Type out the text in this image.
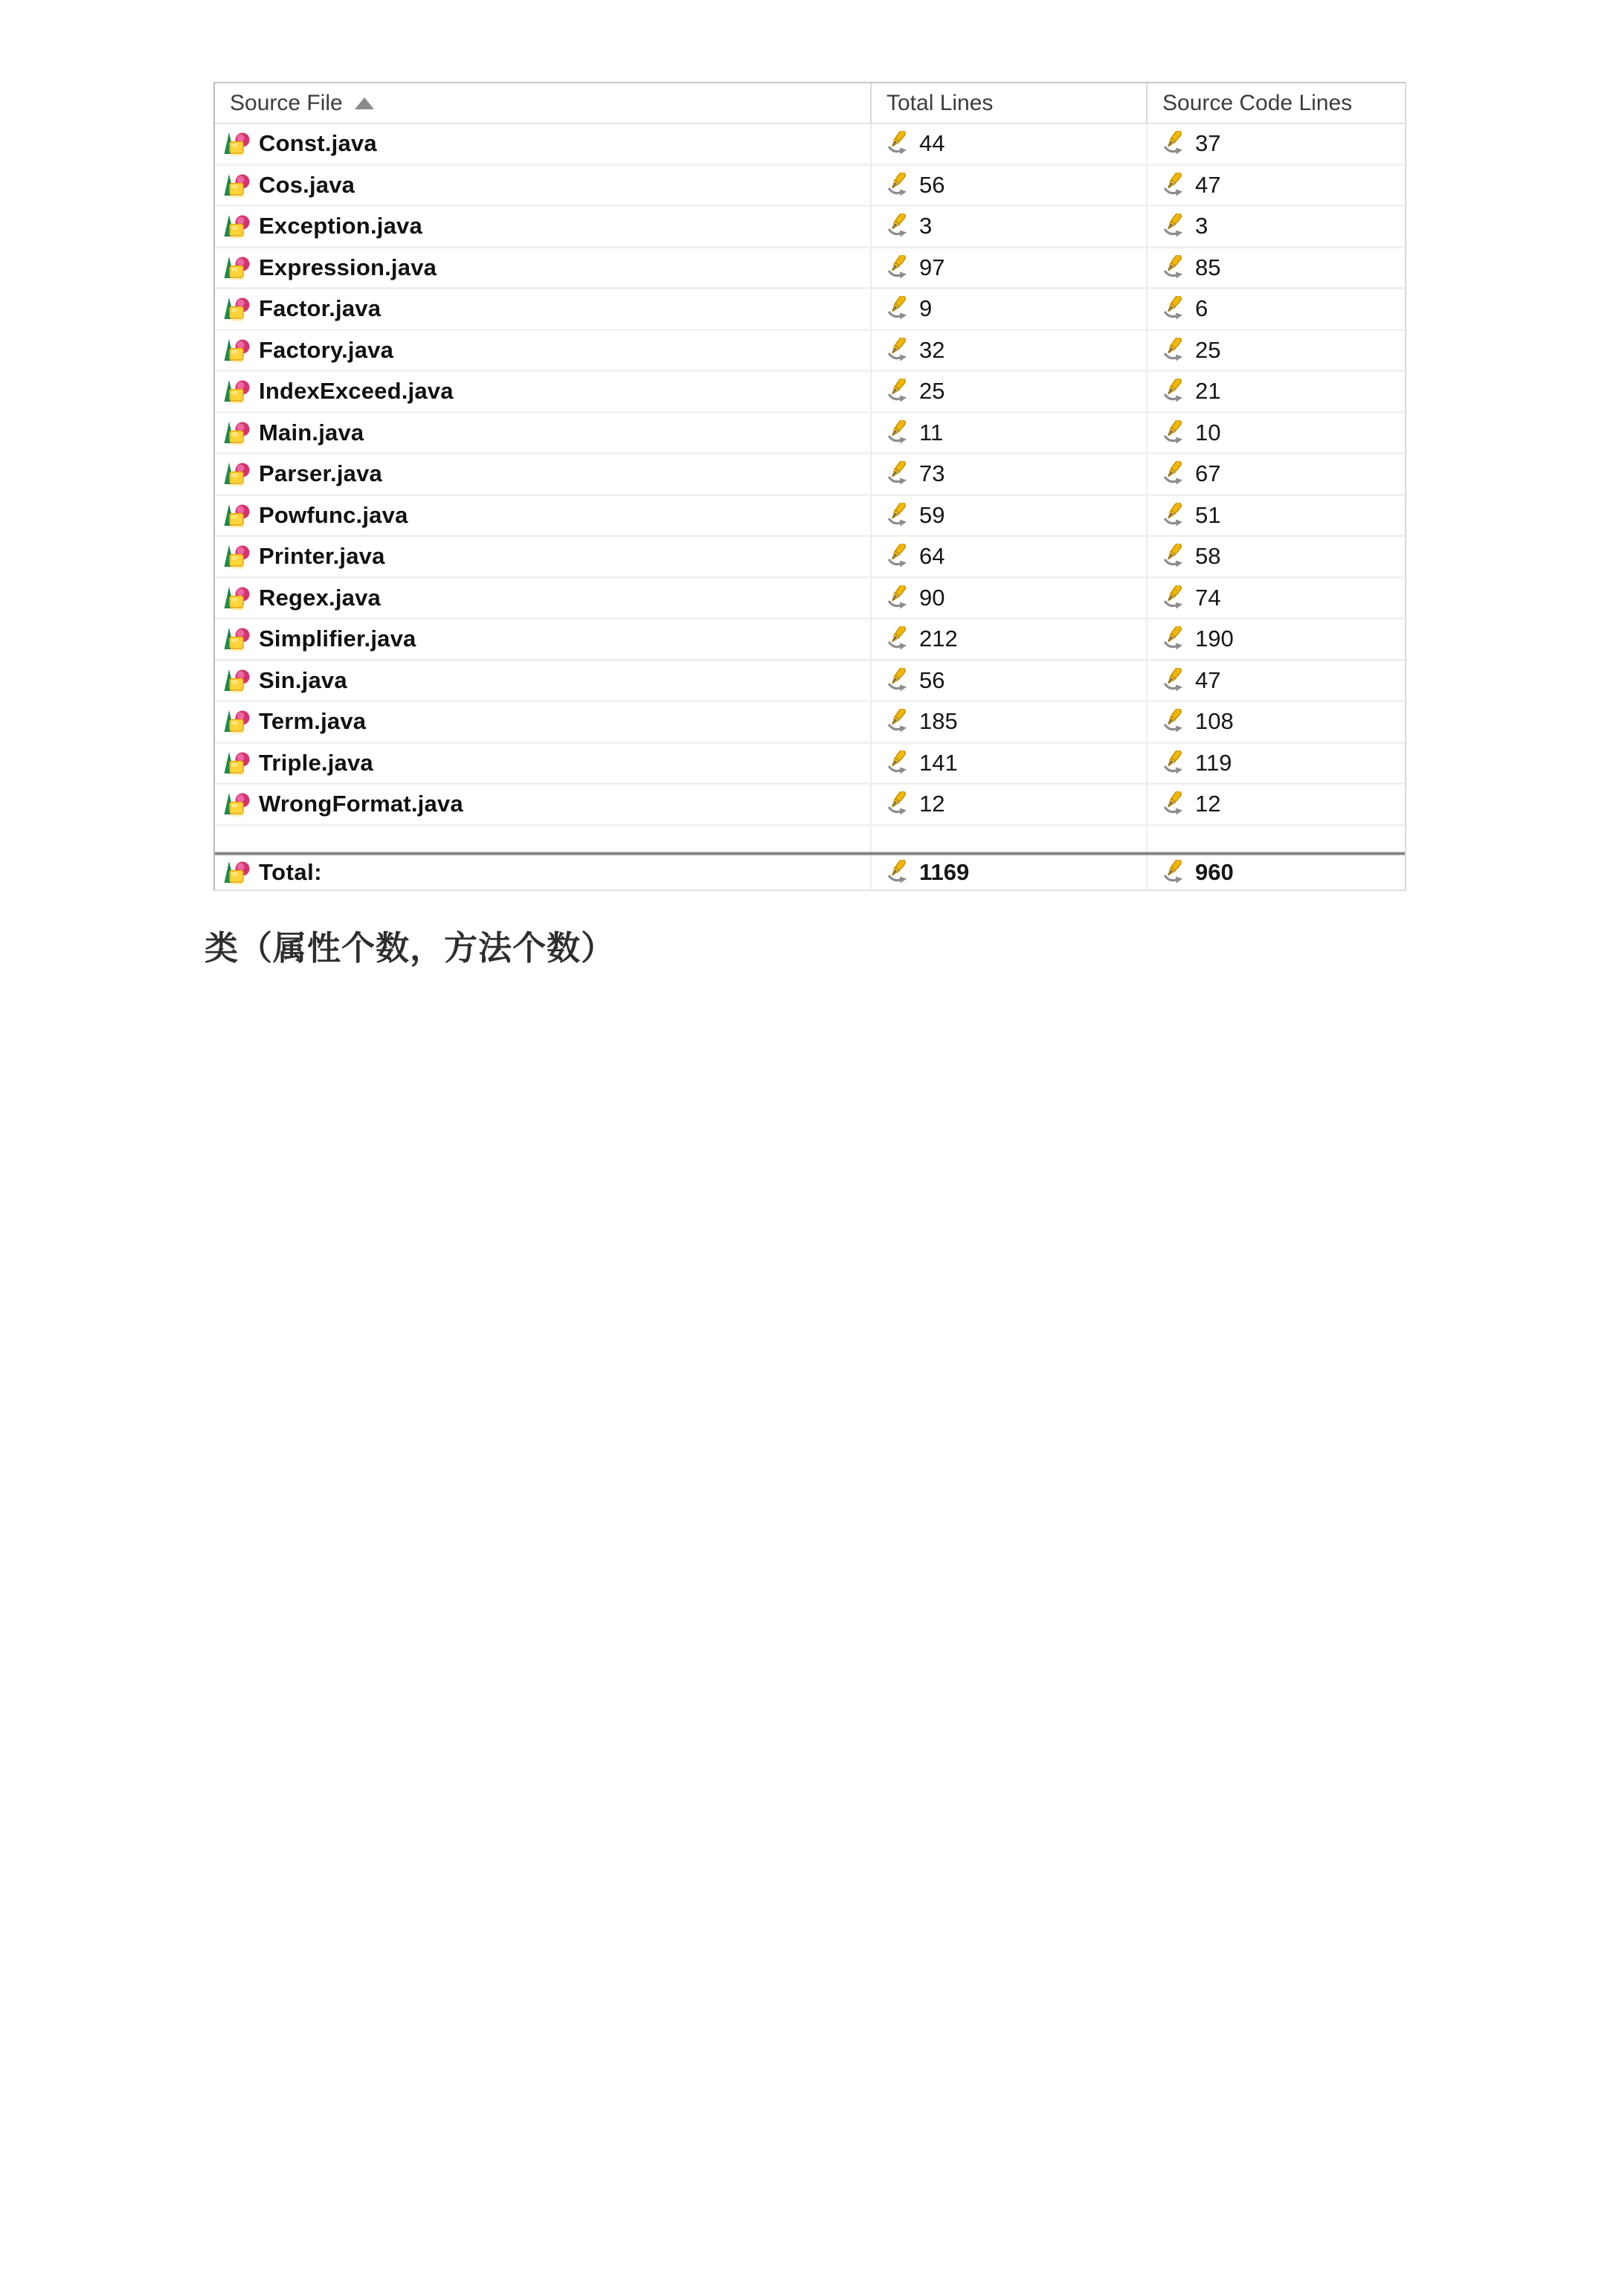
Source File	Total Lines	Source Code Lines
Const.java	44	37
Cos.java	56	47
Exception.java	3	3
Expression.java	97	85
Factor.java	9	6
Factory.java	32	25
IndexExceed.java	25	21
Main.java	11	10
Parser.java	73	67
Powfunc.java	59	51
Printer.java	64	58
Regex.java	90	74
Simplifier.java	212	190
Sin.java	56	47
Term.java	185	108
Triple.java	141	119
WrongFormat.java	12	12
Total:	1169	960
类（属性个数，方法个数）
